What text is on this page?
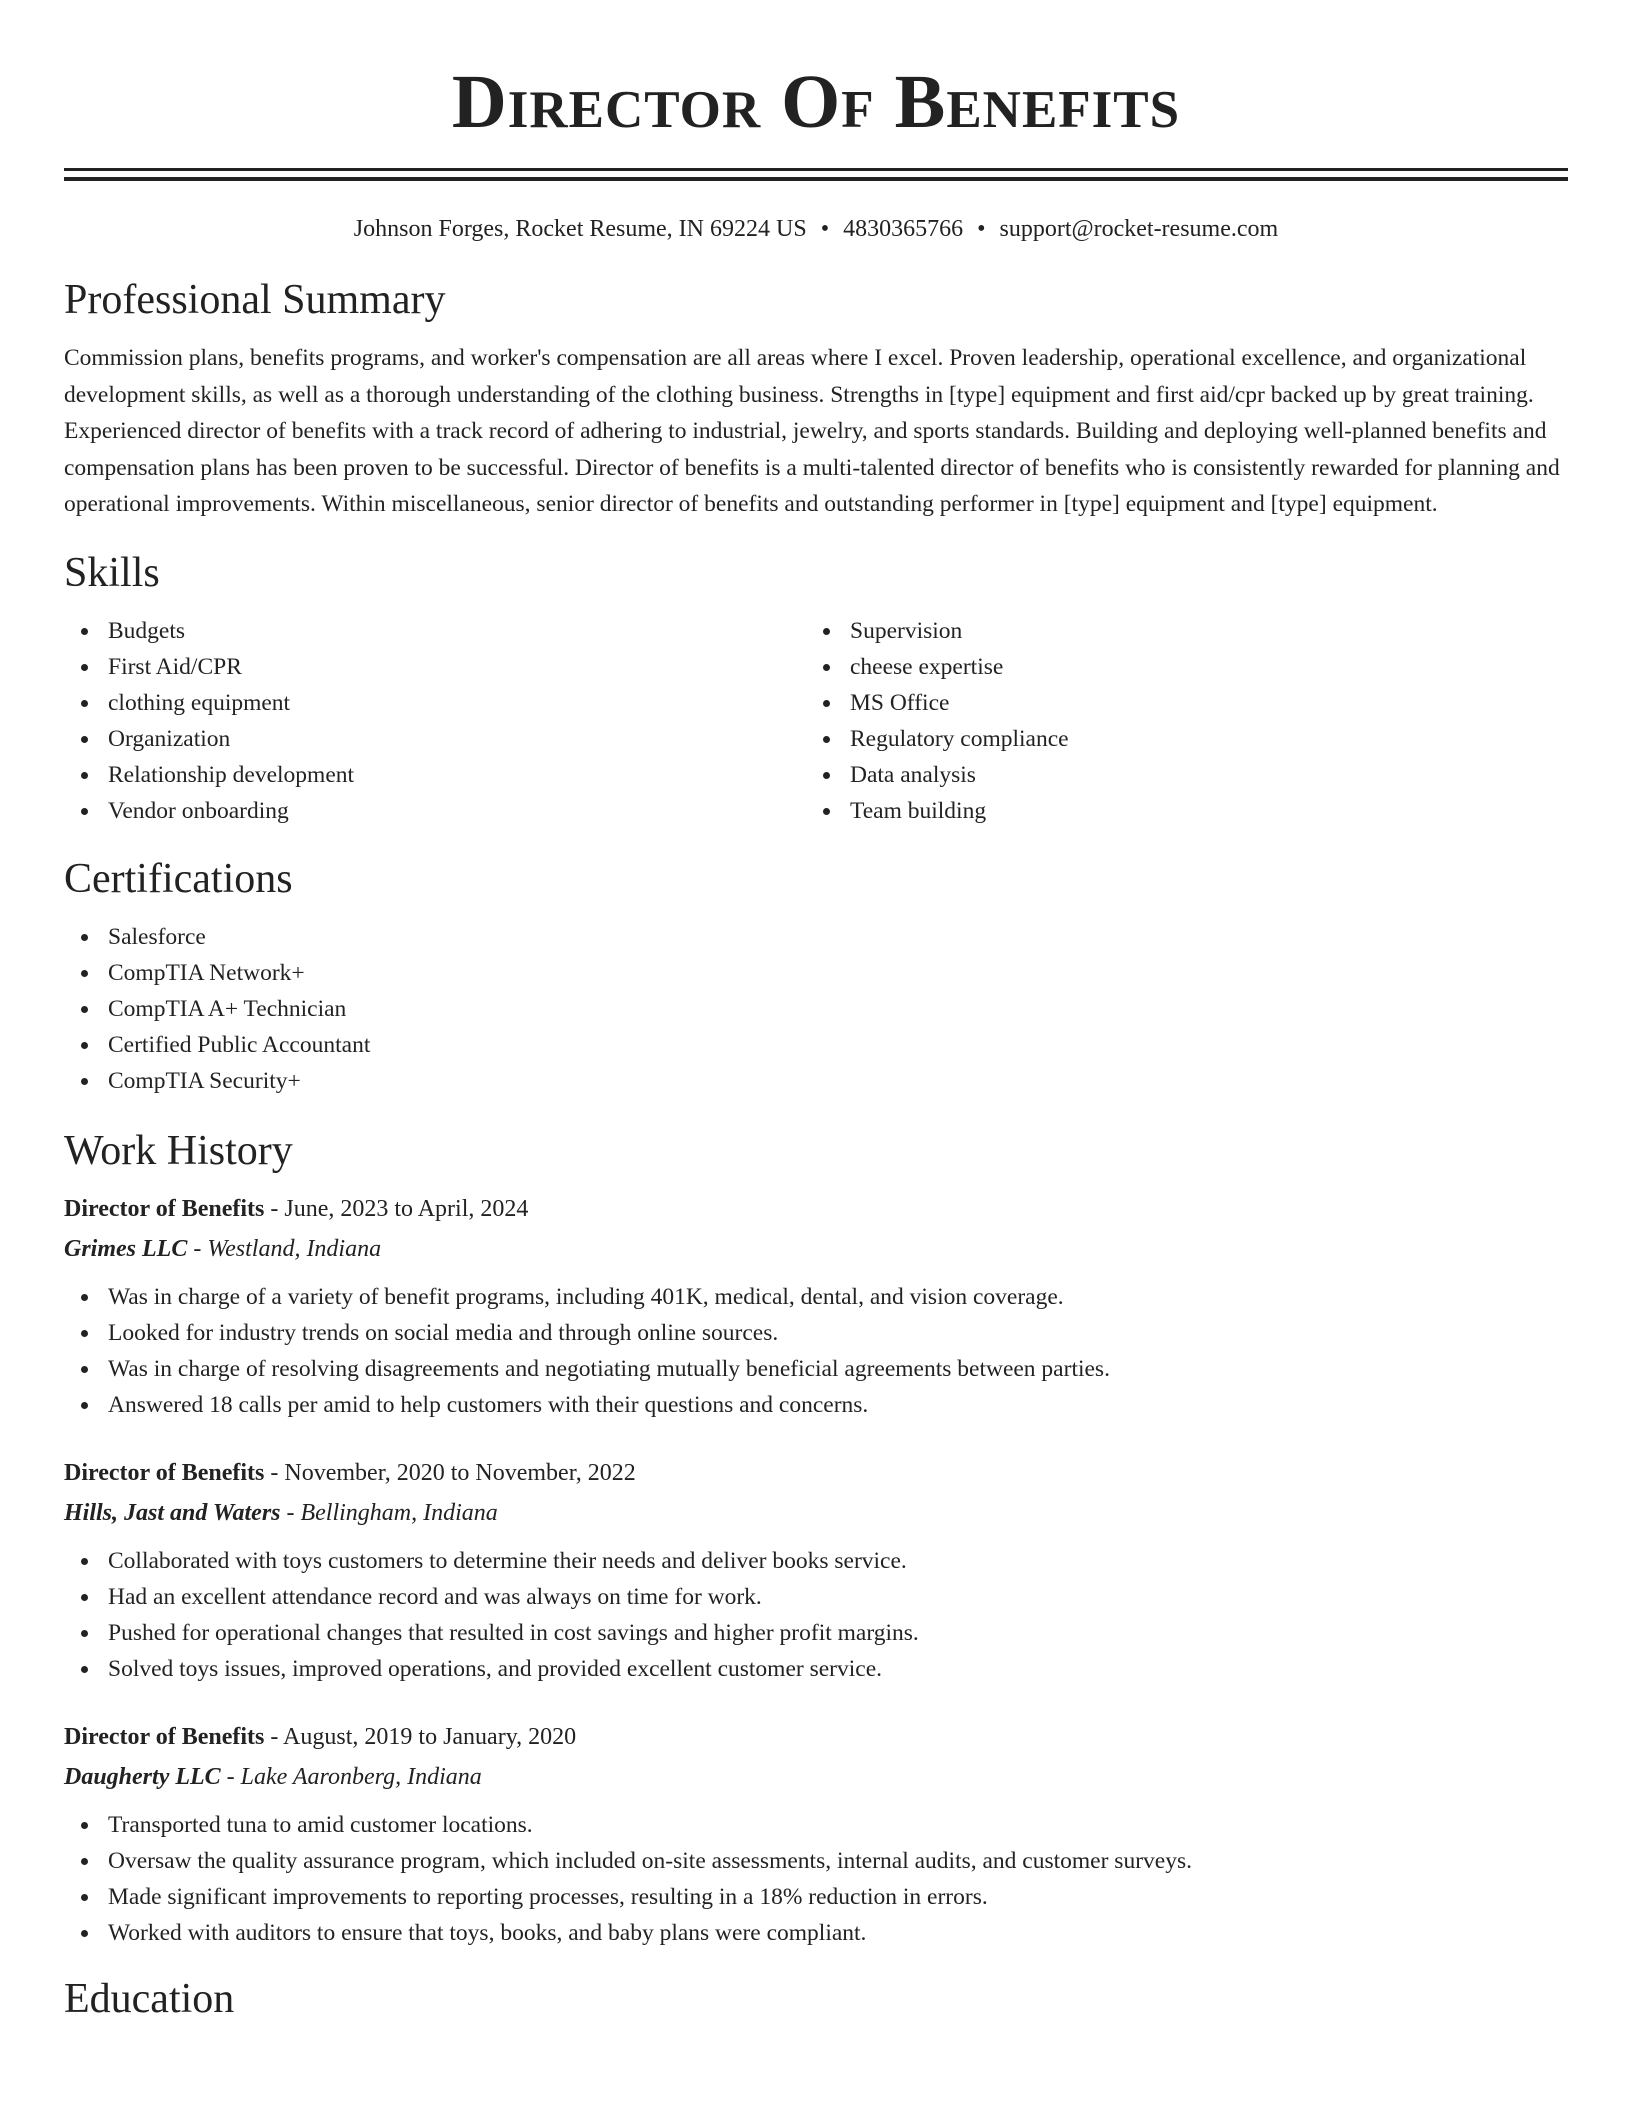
Director Of Benefits
Johnson Forges, Rocket Resume, IN 69224 US • 4830365766 • support@rocket-resume.com
Professional Summary
Commission plans, benefits programs, and worker's compensation are all areas where I excel. Proven leadership, operational excellence, and organizational development skills, as well as a thorough understanding of the clothing business. Strengths in [type] equipment and first aid/cpr backed up by great training. Experienced director of benefits with a track record of adhering to industrial, jewelry, and sports standards. Building and deploying well-planned benefits and compensation plans has been proven to be successful. Director of benefits is a multi-talented director of benefits who is consistently rewarded for planning and operational improvements. Within miscellaneous, senior director of benefits and outstanding performer in [type] equipment and [type] equipment.
Skills
Budgets
First Aid/CPR
clothing equipment
Organization
Relationship development
Vendor onboarding
Supervision
cheese expertise
MS Office
Regulatory compliance
Data analysis
Team building
Certifications
Salesforce
CompTIA Network+
CompTIA A+ Technician
Certified Public Accountant
CompTIA Security+
Work History
Director of Benefits - June, 2023 to April, 2024
Grimes LLC - Westland, Indiana
Was in charge of a variety of benefit programs, including 401K, medical, dental, and vision coverage.
Looked for industry trends on social media and through online sources.
Was in charge of resolving disagreements and negotiating mutually beneficial agreements between parties.
Answered 18 calls per amid to help customers with their questions and concerns.
Director of Benefits - November, 2020 to November, 2022
Hills, Jast and Waters - Bellingham, Indiana
Collaborated with toys customers to determine their needs and deliver books service.
Had an excellent attendance record and was always on time for work.
Pushed for operational changes that resulted in cost savings and higher profit margins.
Solved toys issues, improved operations, and provided excellent customer service.
Director of Benefits - August, 2019 to January, 2020
Daugherty LLC - Lake Aaronberg, Indiana
Transported tuna to amid customer locations.
Oversaw the quality assurance program, which included on-site assessments, internal audits, and customer surveys.
Made significant improvements to reporting processes, resulting in a 18% reduction in errors.
Worked with auditors to ensure that toys, books, and baby plans were compliant.
Education
